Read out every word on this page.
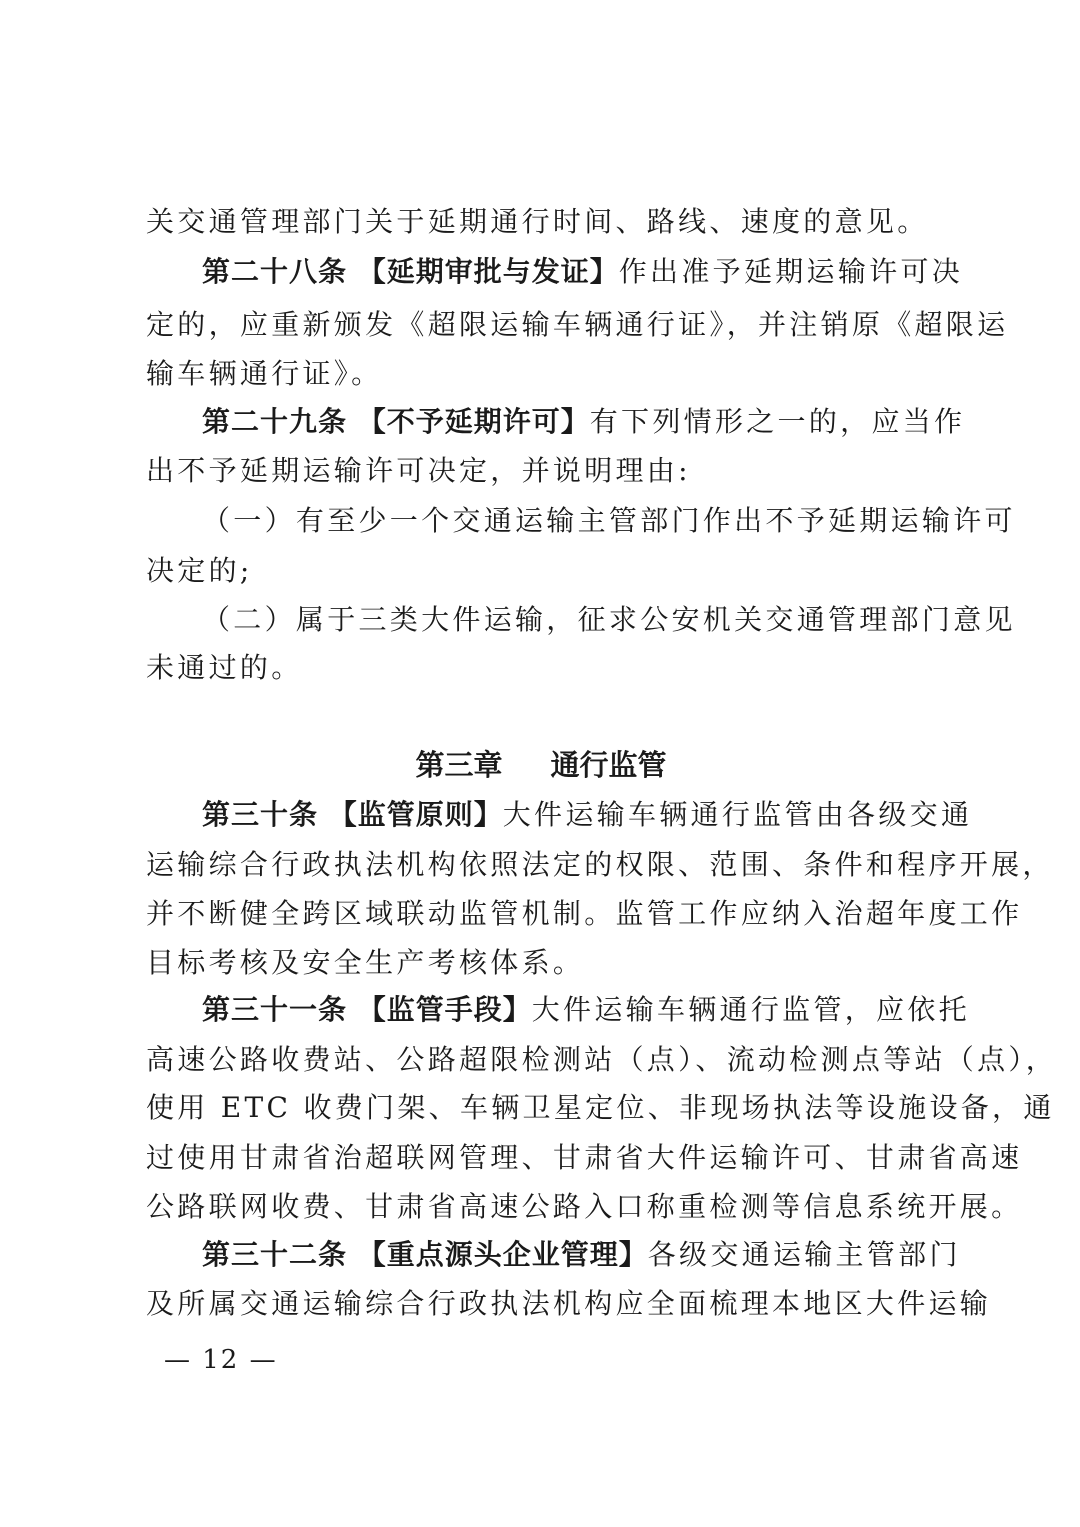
关交通管理部门关于延期通行时间、路线、速度的意见。
第二十八条 【延期审批与发证】作出准予延期运输许可决
定的，应重新颁发《超限运输车辆通行证》，并注销原《超限运
输车辆通行证》。
第二十九条 【不予延期许可】有下列情形之一的，应当作
出不予延期运输许可决定，并说明理由:
（一）有至少一个交通运输主管部门作出不予延期运输许可
决定的;
（二）属于三类大件运输，征求公安机关交通管理部门意见
未通过的。
第三章 通行监管
第三十条 【监管原则】大件运输车辆通行监管由各级交通
运输综合行政执法机构依照法定的权限、范围、条件和程序开展，
并不断健全跨区域联动监管机制。监管工作应纳入治超年度工作
目标考核及安全生产考核体系。
第三十一条 【监管手段】大件运输车辆通行监管，应依托
高速公路收费站、公路超限检测站（点）、流动检测点等站（点），
使用 ETC 收费门架、车辆卫星定位、非现场执法等设施设备，通
过使用甘肃省治超联网管理、甘肃省大件运输许可、甘肃省高速
公路联网收费、甘肃省高速公路入口称重检测等信息系统开展。
第三十二条 【重点源头企业管理】各级交通运输主管部门
及所属交通运输综合行政执法机构应全面梳理本地区大件运输
— 12 —
